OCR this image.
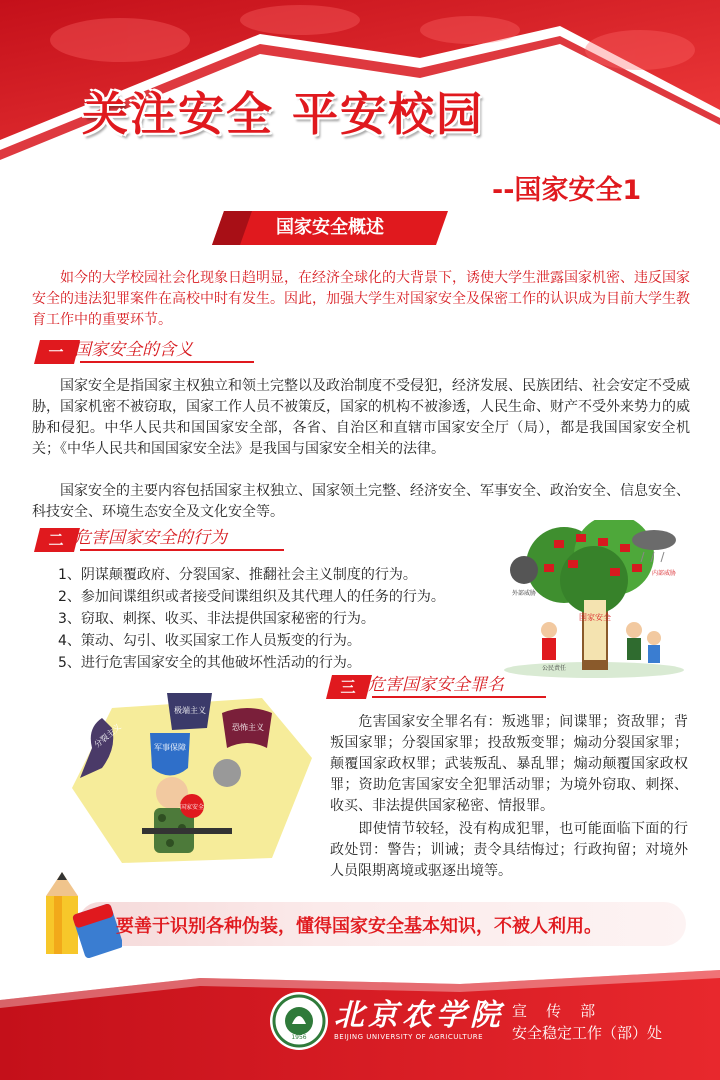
关注安全 平安校园
--国家安全1
国家安全概述
如今的大学校园社会化现象日趋明显，在经济全球化的大背景下，诱使大学生泄露国家机密、违反国家安全的违法犯罪案件在高校中时有发生。因此，加强大学生对国家安全及保密工作的认识成为目前大学生教育工作中的重要环节。
一 国家安全的含义
国家安全是指国家主权独立和领土完整以及政治制度不受侵犯，经济发展、民族团结、社会安定不受威胁，国家机密不被窃取，国家工作人员不被策反，国家的机构不被渗透，人民生命、财产不受外来势力的威胁和侵犯。中华人民共和国国家安全部，各省、自治区和直辖市国家安全厅（局），都是我国国家安全机关；《中华人民共和国国家安全法》是我国与国家安全相关的法律。
国家安全的主要内容包括国家主权独立、国家领土完整、经济安全、军事安全、政治安全、信息安全、科技安全、环境生态安全及文化安全等。
二 危害国家安全的行为
1、阴谋颠覆政府、分裂国家、推翻社会主义制度的行为。
2、参加间谍组织或者接受间谍组织及其代理人的任务的行为。
3、窃取、刺探、收买、非法提供国家秘密的行为。
4、策动、勾引、收买国家工作人员叛变的行为。
5、进行危害国家安全的其他破坏性活动的行为。
国家安全
内部威胁
外部威胁
公民责任
三 危害国家安全罪名
危害国家安全罪名有：叛逃罪；间谍罪；资敌罪；背叛国家罪；分裂国家罪；投敌叛变罪；煽动分裂国家罪；颠覆国家政权罪；武装叛乱、暴乱罪；煽动颠覆国家政权罪；资助危害国家安全犯罪活动罪；为境外窃取、刺探、收买、非法提供国家秘密、情报罪。
即使情节较轻，没有构成犯罪，也可能面临下面的行政处罚：警告；训诫；责令具结悔过；行政拘留；对境外人员限期离境或驱逐出境等。
分裂主义
极端主义
恐怖主义
军事保障
国家安全
要善于识别各种伪装，懂得国家安全基本知识，不被人利用。
1956
北京农学院
BEIJING UNIVERSITY OF AGRICULTURE
宣    传    部
安全稳定工作（部）处
